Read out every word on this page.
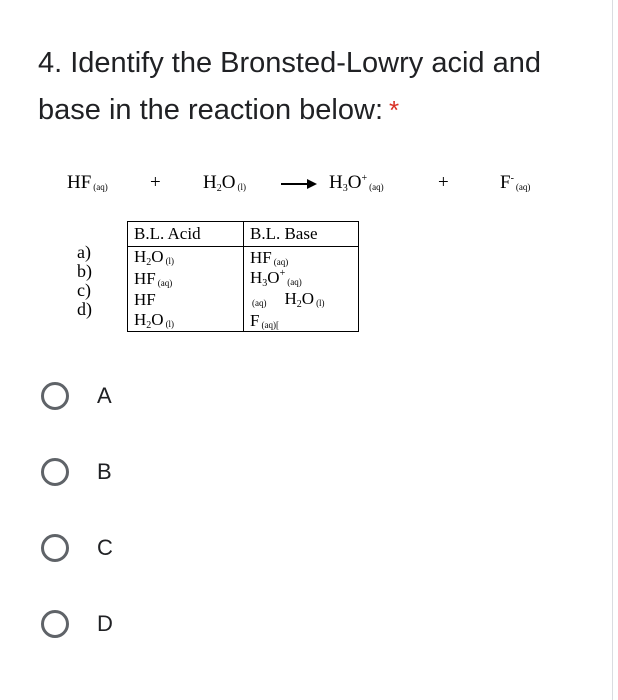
4. Identify the Bronsted-Lowry acid and base in the reaction below: *
HF $(aq) + H_2O$ $(l) \to H_3O^+(aq)$	+	F-(aq)
a)
b)
c)
d)
B.L. Acid	B.L. Base
$H_2O$ (l)	HF (aq)
HF (aq)	$H_3O^+(aq)$
HF	(aq) $H_2O$ (l)
$H_2O$ (l)	F (aq)[
A
B
C
D
